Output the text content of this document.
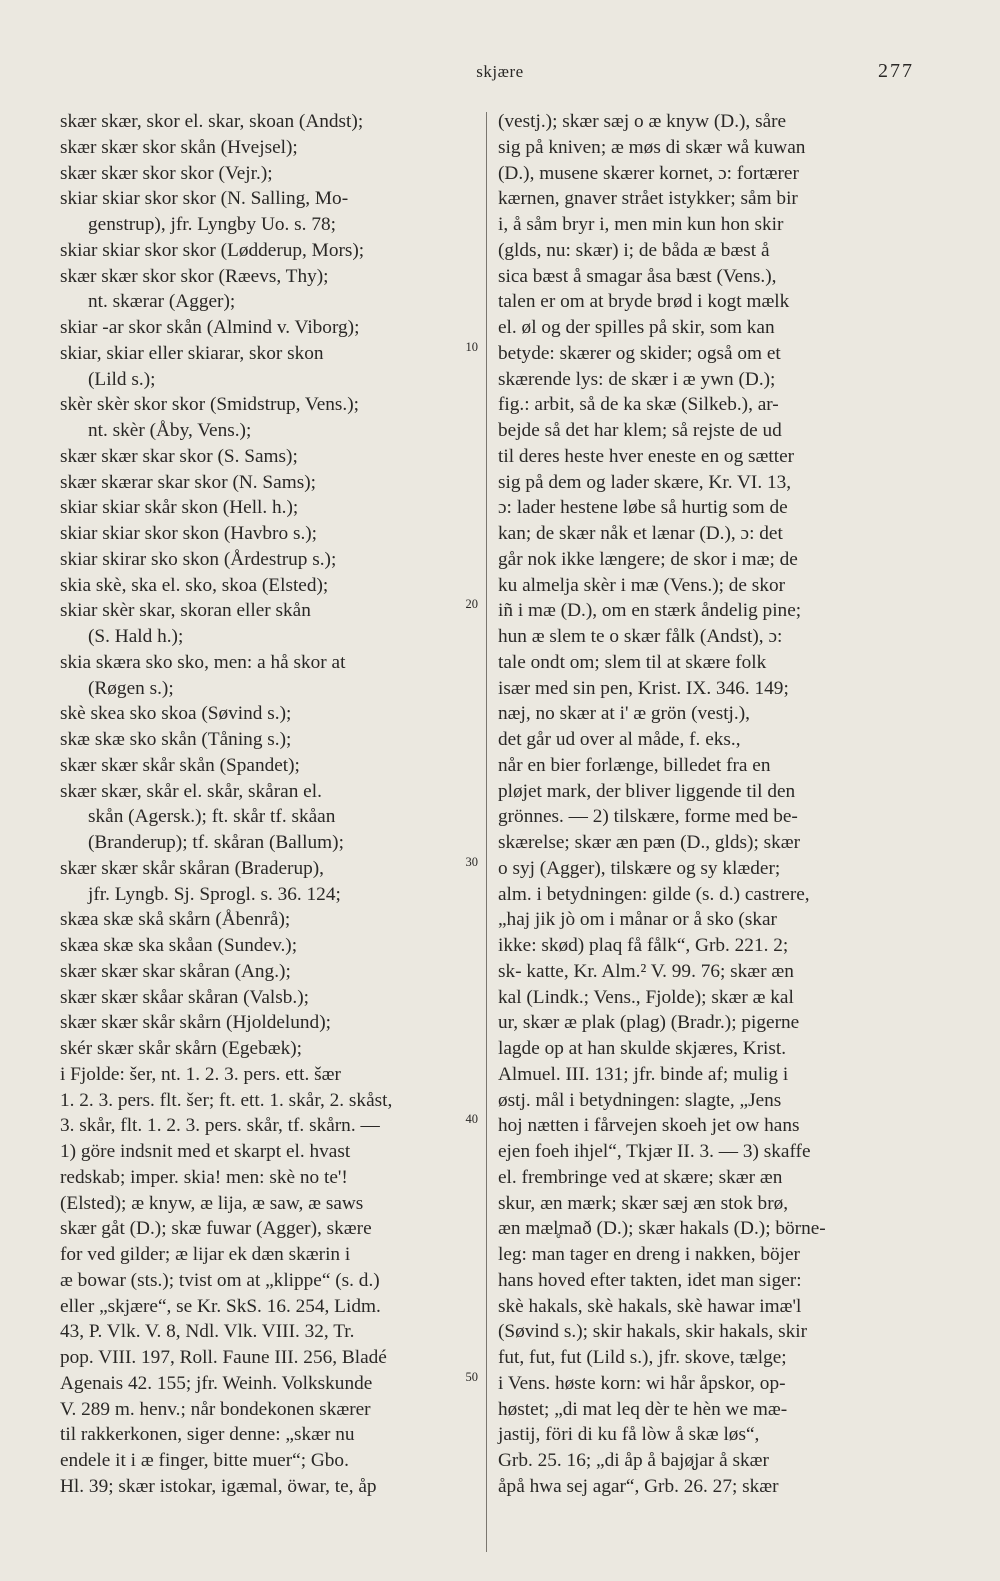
skjære	277
skær skær, skor el. skar, skoan (Andst);
skær skær skor skån (Hvejsel);
skær skær skor skor (Vejr.);
skiar skiar skor skor (N. Salling, Mo-
genstrup), jfr. Lyngby Uo. s. 78;
skiar skiar skor skor (Lødderup, Mors);
skær skær skor skor (Ræevs, Thy);
nt. skærar (Agger);
skiar -ar skor skån (Almind v. Viborg);
skiar, skiar eller skiarar, skor skon
(Lild s.);
skèr skèr skor skor (Smidstrup, Vens.);
nt. skèr (Åby, Vens.);
skær skær skar skor (S. Sams);
skær skærar skar skor (N. Sams);
skiar skiar skår skon (Hell. h.);
skiar skiar skor skon (Havbro s.);
skiar skirar sko skon (Årdestrup s.);
skia skè, ska el. sko, skoa (Elsted);
skiar skèr skar, skoran eller skån
(S. Hald h.);
skia skæra sko sko, men: a hå skor at
(Røgen s.);
skè skea sko skoa (Søvind s.);
skæ skæ sko skån (Tåning s.);
skær skær skår skån (Spandet);
skær skær, skår el. skår, skåran el.
skån (Agersk.); ft. skår tf. skåan
(Branderup); tf. skåran (Ballum);
skær skær skår skåran (Braderup),
jfr. Lyngb. Sj. Sprogl. s. 36. 124;
skæa skæ skå skårn (Åbenrå);
skæa skæ ska skåan (Sundev.);
skær skær skar skåran (Ang.);
skær skær skåar skåran (Valsb.);
skær skær skår skårn (Hjoldelund);
skér skær skår skårn (Egebæk);
i Fjolde: šer, nt. 1. 2. 3. pers. ett. šær
1. 2. 3. pers. flt. šer; ft. ett. 1. skår, 2. skåst,
3. skår, flt. 1. 2. 3. pers. skår, tf. skårn. —
1) göre indsnit med et skarpt el. hvast
redskab; imper. skia! men: skè no te'!
(Elsted); æ knyw, æ lija, æ saw, æ saws
skær gåt (D.); skæ fuwar (Agger), skære
for ved gilder; æ lijar ek dæn skærin i
æ bowar (sts.); tvist om at „klippe“ (s. d.)
eller „skjære“, se Kr. SkS. 16. 254, Lidm.
43, P. Vlk. V. 8, Ndl. Vlk. VIII. 32, Tr.
pop. VIII. 197, Roll. Faune III. 256, Bladé
Agenais 42. 155; jfr. Weinh. Volkskunde
V. 289 m. henv.; når bondekonen skærer
til rakkerkonen, siger denne: „skær nu
endele it i æ finger, bitte muer“; Gbo.
Hl. 39; skær istokar, igæmal, öwar, te, åp
(vestj.); skær sæj o æ knyw (D.), såre
sig på kniven; æ møs di skær wå kuwan
(D.), musene skærer kornet, ɔ: fortærer
kærnen, gnaver strået istykker; såm bir
i, å såm bryr i, men min kun hon skir
(glds, nu: skær) i; de båda æ bæst å
sica bæst å smagar åsa bæst (Vens.),
talen er om at bryde brød i kogt mælk
el. øl og der spilles på skir, som kan
betyde: skærer og skider; også om et
skærende lys: de skær i æ ywn (D.);
fig.: arbit, så de ka skæ (Silkeb.), ar-
bejde så det har klem; så rejste de ud
til deres heste hver eneste en og sætter
sig på dem og lader skære, Kr. VI. 13,
ɔ: lader hestene løbe så hurtig som de
kan; de skær nåk et lænar (D.), ɔ: det
går nok ikke længere; de skor i mæ; de
ku almelja skèr i mæ (Vens.); de skor
iñ i mæ (D.), om en stærk åndelig pine;
hun æ slem te o skær fålk (Andst), ɔ:
tale ondt om; slem til at skære folk
især med sin pen, Krist. IX. 346. 149;
næj, no skær at i' æ grön (vestj.),
det går ud over al måde, f. eks.,
når en bier forlænge, billedet fra en
pløjet mark, der bliver liggende til den
grönnes. — 2) tilskære, forme med be-
skærelse; skær æn pæn (D., glds); skær
o syj (Agger), tilskære og sy klæder;
alm. i betydningen: gilde (s. d.) castrere,
„haj jik jò om i månar or å sko (skar
ikke: skød) plaq få fålk“, Grb. 221. 2;
sk- katte, Kr. Alm.² V. 99. 76; skær æn
kal (Lindk.; Vens., Fjolde); skær æ kal
ur, skær æ plak (plag) (Bradr.); pigerne
lagde op at han skulde skjæres, Krist.
Almuel. III. 131; jfr. binde af; mulig i
østj. mål i betydningen: slagte, „Jens
hoj nætten i fårvejen skoeh jet ow hans
ejen foeh ihjel“, Tkjær II. 3. — 3) skaffe
el. frembringe ved at skære; skær æn
skur, æn mærk; skær sæj æn stok brø,
æn mæl̥mað (D.); skær hakals (D.); börne-
leg: man tager en dreng i nakken, böjer
hans hoved efter takten, idet man siger:
skè hakals, skè hakals, skè hawar imæ'l
(Søvind s.); skir hakals, skir hakals, skir
fut, fut, fut (Lild s.), jfr. skove, tælge;
i Vens. høste korn: wi hår åpskor, op-
høstet; „di mat leq dèr te hèn we mæ-
jastij, föri di ku få lòw å skæ løs“,
Grb. 25. 16; „di åp å bajø̨jar å skær
åpå hwa sej agar“, Grb. 26. 27; skær
10
20
30
40
50
